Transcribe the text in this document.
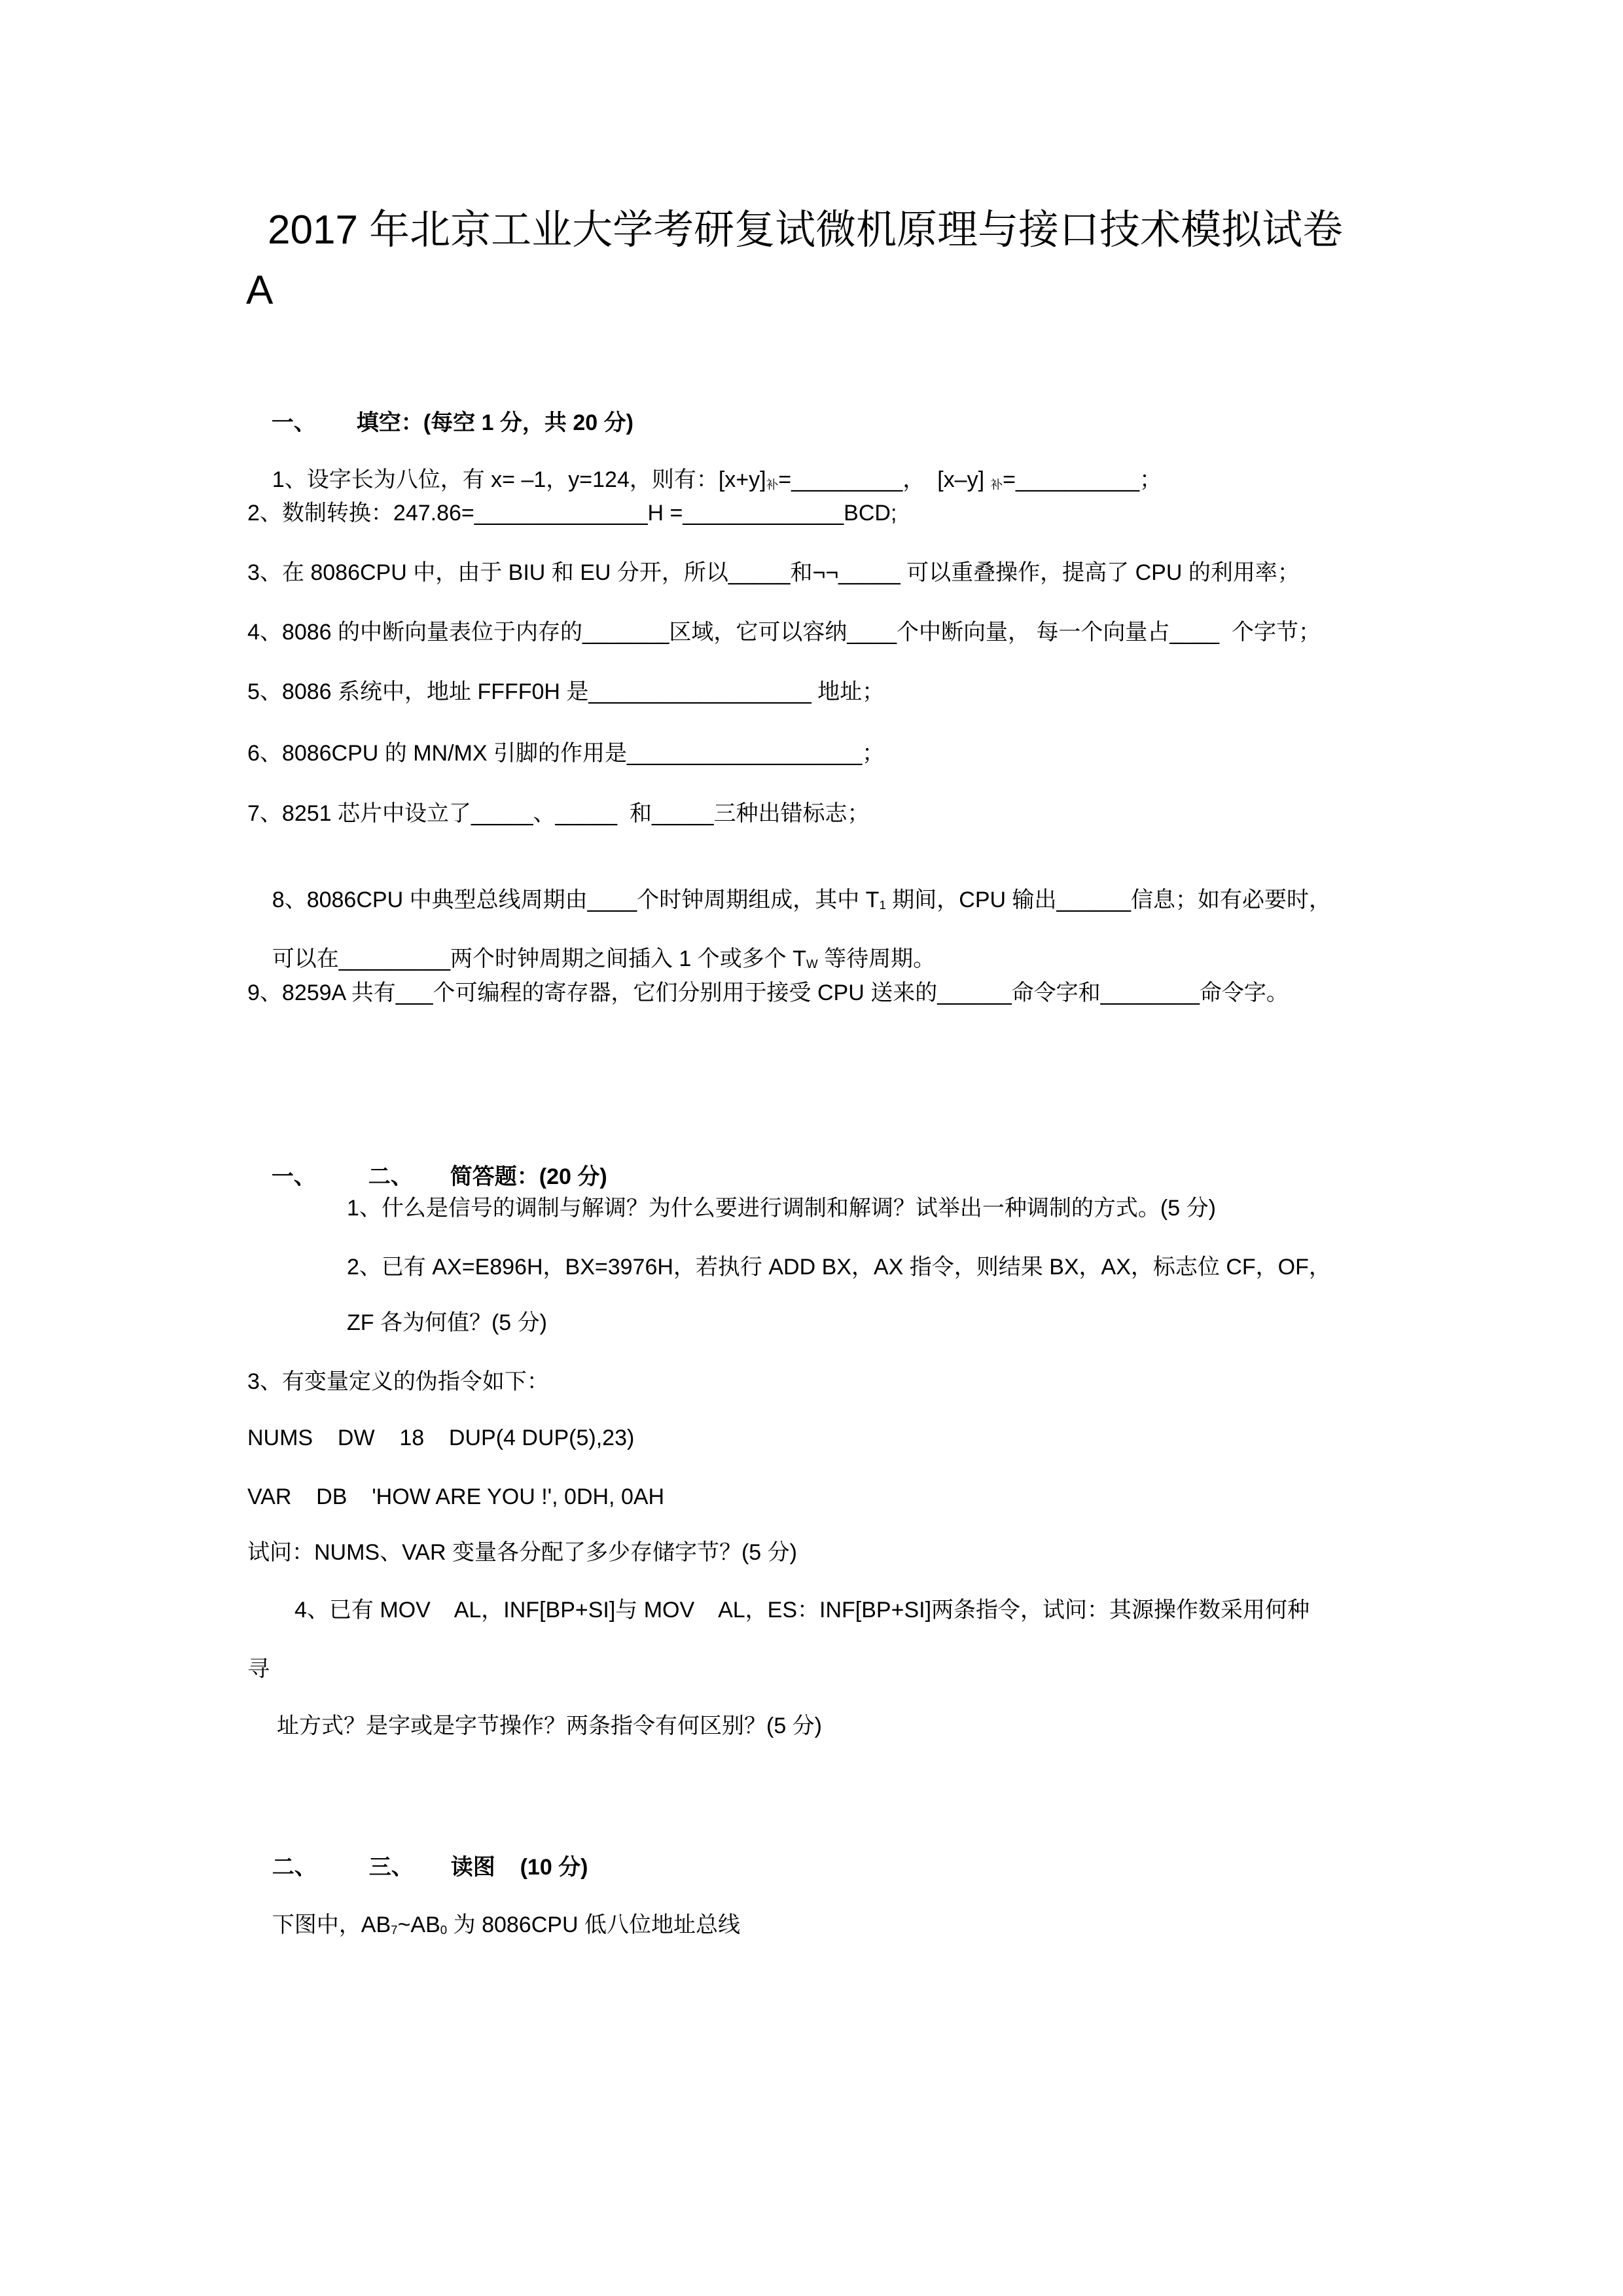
2017 年北京工业大学考研复试微机原理与接口技术模拟试卷
A

一、 填空：(每空 1 分，共 20 分)

1、设字长为八位，有 x= –1，y=124，则有：$[x+y]_补=\_\_\_\_\_\_\_\_\_$，  [x–y] $_补$=__________；

2、数制转换：247.86=______________H =_____________BCD;
3、在 8086CPU 中，由于 BIU 和 EU 分开，所以_____和¬¬_____ 可以重叠操作，提高了 CPU 的利用率；
4、8086 的中断向量表位于内存的_______区域，它可以容纳____个中断向量， 每一个向量占____  个字节；
5、8086 系统中，地址 FFFF0H 是__________________ 地址；
6、8086CPU 的 MN/MX 引脚的作用是___________________；
7、8251 芯片中设立了_____、_____  和_____三种出错标志；

8、8086CPU 中典型总线周期由____个时钟周期组成，其中 $T_1$ 期间，CPU 输出______信息；如有必要时，

可以在_________两个时钟周期之间插入 1 个或多个 $T_W$ 等待周期。

9、8259A 共有___个可编程的寄存器，它们分别用于接受 CPU 送来的______命令字和________命令字。

一、 二、 简答题：(20 分)

1、什么是信号的调制与解调？为什么要进行调制和解调？试举出一种调制的方式。(5 分)
2、已有 AX=E896H，BX=3976H，若执行 ADD BX，AX 指令，则结果 BX，AX，标志位 CF，OF，
ZF 各为何值？(5 分)
3、有变量定义的伪指令如下：
NUMS    DW    18    DUP(4 DUP(5),23)
VAR    DB    'HOW ARE YOU !', 0DH, 0AH
试问：NUMS、VAR 变量各分配了多少存储字节？(5 分)
4、已有 MOV    AL，INF[BP+SI]与 MOV    AL，ES：INF[BP+SI]两条指令，试问：其源操作数采用何种
寻
址方式？是字或是字节操作？两条指令有何区别？(5 分)

二、 三、 读图    (10 分)

下图中，$AB_7\sim AB_0$ 为 8086CPU 低八位地址总线
